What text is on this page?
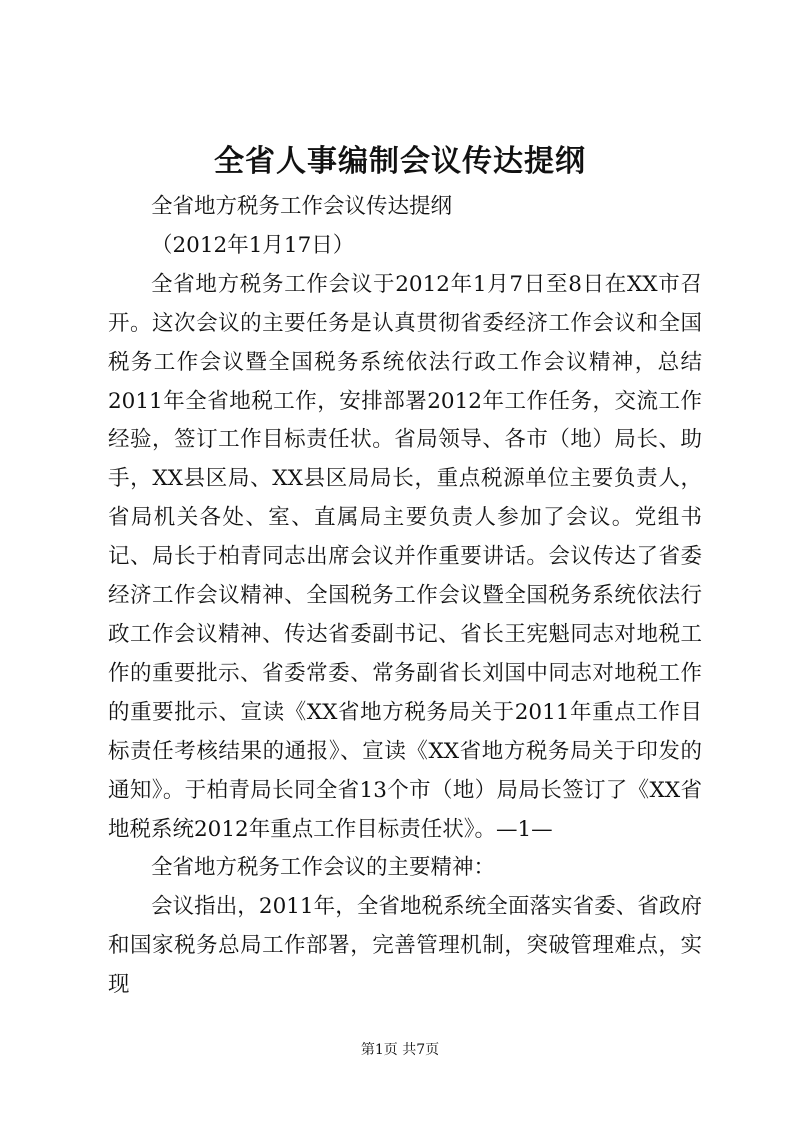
全省人事编制会议传达提纲

全省地方税务工作会议传达提纲

（2012年1月17日）

全省地方税务工作会议于2012年1月7日至8日在XX市召开。这次会议的主要任务是认真贯彻省委经济工作会议和全国税务工作会议暨全国税务系统依法行政工作会议精神，总结2011年全省地税工作，安排部署2012年工作任务，交流工作经验，签订工作目标责任状。省局领导、各市（地）局长、助手，XX县区局、XX县区局局长，重点税源单位主要负责人，省局机关各处、室、直属局主要负责人参加了会议。党组书记、局长于柏青同志出席会议并作重要讲话。会议传达了省委经济工作会议精神、全国税务工作会议暨全国税务系统依法行政工作会议精神、传达省委副书记、省长王宪魁同志对地税工作的重要批示、省委常委、常务副省长刘国中同志对地税工作的重要批示、宣读《XX省地方税务局关于2011年重点工作目标责任考核结果的通报》、宣读《XX省地方税务局关于印发的通知》。于柏青局长同全省13个市（地）局局长签订了《XX省地税系统2012年重点工作目标责任状》。—1—

全省地方税务工作会议的主要精神：

会议指出，2011年，全省地税系统全面落实省委、省政府和国家税务总局工作部署，完善管理机制，突破管理难点，实现

第1页 共7页
